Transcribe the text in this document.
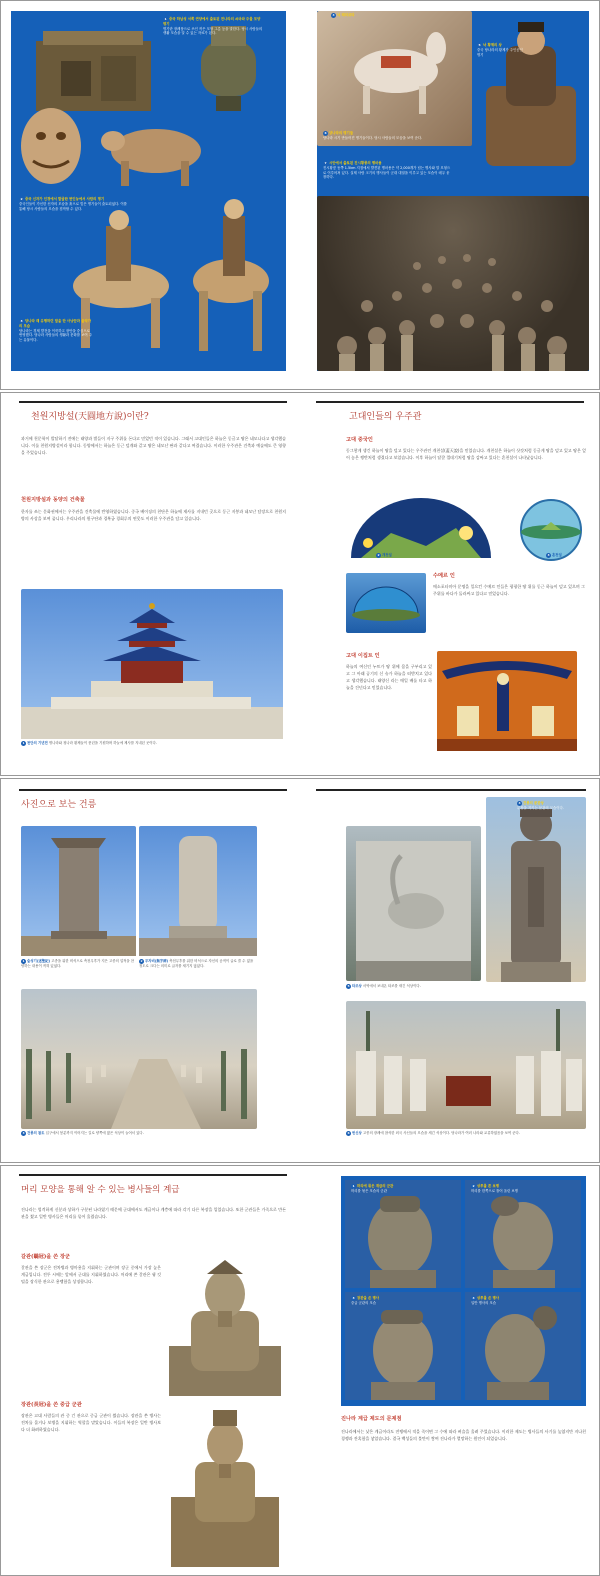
1 중국 하남성 서쪽 연양에서 출토된 전나라의 쇠마와 주물 모양 명기
명기란 장례품으로 쓰인 작은 모형 그릇 등을 말한다. 당시 사람들의 생활 모습을 알 수 있는 자료가 된다.
2 중국 신자가 인경에서 발굴한 현인능에서 사람의 명기
중국인들이 가신한 신자의 모습을 흙으로 빚은 명기들이 출토되었다. 이를 통해 당시 사람들의 모습을 짐작할 수 있다.
3 당나라 때 유행하던 말을 탄 사냥꾼과 음악가의 모습
당나라는 경제 발전을 이룩하고 장안을 중심으로 번영했다. 당나라 사람들의 생활과 문화를 보여 주는 유물이다.
4 낙 테라코타
5 낙 황제의 상
중국 당나라의 황제가 주인공인 명기
6 당나라의 명기들
당나라 시기 만들어진 명기들이다. 당시 사람들의 모습을 보여 준다.
7 시안에서 출토된 진시황릉의 병마용
진시황릉 동쪽 1.5km 지점에서 발견된 병마용은 약 2,000개가 넘는 병사와 말 모형으로 이루어져 있다. 실제 사람 크기의 병사들이 군대 대열을 이루고 있는 모습이 매우 웅장하다.
천원지방설(天圓地方說)이란?
과거에 천문학이 발달하기 전에는 태양과 별들이 지구 주위를 돈다고 믿었던 적이 있습니다. 그래서 고대인들은 하늘은 둥글고 땅은 네모나다고 생각했습니다. 이를 천원지방설이라 합니다. 동양에서는 하늘은 둥근 덮개와 같고 땅은 네모난 판과 같다고 여겼습니다. 이러한 우주관은 건축과 예술에도 큰 영향을 주었습니다.
천원지방설과 동양의 건축물
한자를 쓰는 문화권에서는 우주관을 건축물에 반영하였습니다. 중국 베이징의 천단은 하늘에 제사를 지내던 곳으로 둥근 지붕과 네모난 담장으로 천원지방의 사상을 보여 줍니다. 우리나라의 원구단과 경복궁 경회루의 연못도 이러한 우주관을 담고 있습니다.
1 천단의 기년전 명나라와 청나라 황제들이 풍년을 기원하며 하늘에 제사를 지내던 곳이다.
고대인들의 우주관
고대 중국인
동그랗게 생긴 하늘이 땅을 덮고 있다는 우주관인 개천설(蓋天說)을 믿었습니다. 개천설은 하늘이 삿갓처럼 둥글게 땅을 덮고 있고 땅은 엎어 놓은 쟁반처럼 생겼다고 보았습니다. 이후 하늘이 달걀 껍데기처럼 땅을 감싸고 있다는 혼천설이 나타났습니다.
2 개천설	3 혼천설
수메르 인
메소포타미아 문명을 일으킨 수메르 인들은 평평한 땅 위를 둥근 하늘이 덮고 있으며 그 주위를 바다가 둘러싸고 있다고 믿었습니다.
고대 이집트 인
하늘의 여신인 누트가 땅 위에 몸을 구부리고 있고 그 아래 공기의 신 슈가 하늘을 떠받치고 있다고 생각했습니다. 태양신 라는 매일 배를 타고 하늘을 건넌다고 믿었습니다.
사진으로 보는 건릉
1 술성기(述聖紀) 고종을 위한 비석으로 측천무후가 지은 고종의 업적을 찬양하는 내용이 적혀 있었다.
2 무자비(無字碑) 측천무후를 위한 비석으로 자신의 공적이 글로 쓸 수 없을 정도로 크다는 의미로 글자를 새기지 않았다.
3 건릉의 참도 입구에서 봉분까지 이어지는 길로 양쪽에 많은 석상이 늘어서 있다.
4 건릉의 문관상
무장을 지키는 문관의 모습이다.
5 타조상 서역에서 보내온 타조를 새긴 석상이다.
6 번신상 고종의 장례에 참석한 외국 사신들의 모습을 새긴 석상이다. 당나라가 여러 나라와 교류하였음을 보여 준다.
머리 모양을 통해 알 수 있는 병사들의 계급
진나라는 엄격하게 신분과 상하가 구분된 나라였기 때문에 군대에서도 계급이나 계층에 따라 각기 다른 복장을 입었습니다. 또한 군관들은 가죽으로 만든 관을 썼고 일반 병사들은 머리를 묶어 올렸습니다.
갈관(鶡冠)을 쓴 장군
갈관을 쓴 장군은 전차병과 병마용을 지휘하는 군관이며 장군 중에서 가장 높은 계급입니다. 전투 시에는 앞에서 군대를 지휘하였습니다. 머리에 쓴 갈관은 꿩 깃털을 장식한 관으로 용맹함을 상징합니다.
장관(長冠)을 쓴 중급 군관
장관은 고대 사람들의 관 중 긴 관으로 중급 군관이 썼습니다. 장관을 쓴 병사는 전차를 몰거나 보병을 지휘하는 역할을 맡았습니다. 이들의 복장은 일반 병사보다 더 화려하였습니다.
1 머리에 묶은 계급의 군관
머리를 묶은 모습의 군관
2 상투를 튼 보병
머리를 한쪽으로 틀어 올린 보병
3 장관을 쓴 병사
중급 군관의 모습
4 상투를 쓴 병사
일반 병사의 모습
진나라 계급 제도의 문제점
진나라에서는 낮은 계급이라도 전쟁에서 적을 죽이면 그 수에 따라 벼슬을 올려 주었습니다. 이러한 제도는 병사들의 사기를 높였지만 지나친 경쟁과 잔혹함을 낳았습니다. 결국 백성들의 불만이 쌓여 진나라가 멸망하는 원인이 되었습니다.
